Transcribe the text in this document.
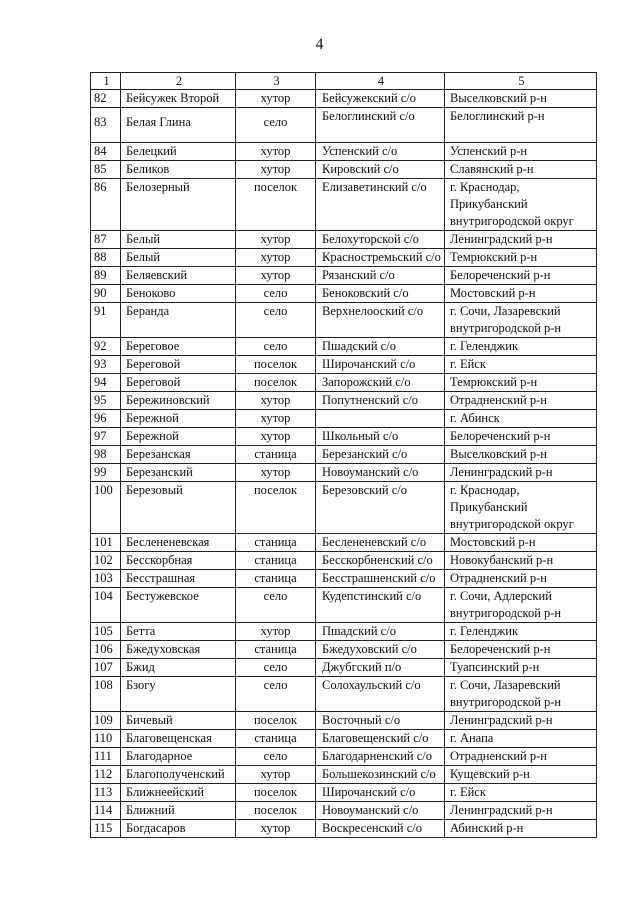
4
1	2	3	4	5
82	Бейсужек Второй	хутор	Бейсужекский с/о	Выселковский р-н

83	Белая Глина	село	Белоглинский с/о	Белоглинский р-н

84	Белецкий	хутор	Успенский с/о	Успенский р-н

85	Беликов	хутор	Кировский с/о	Славянский р-н

86	Белозерный	поселок	Елизаветинский с/о	г. Краснодар,
Прикубанский
внутригородской округ

87	Белый	хутор	Белохуторской с/о	Ленинградский р-н

88	Белый	хутор	Красностремьский с/о	Темрюкский р-н

89	Беляевский	хутор	Рязанский с/о	Белореченский р-н

90	Беноково	село	Беноковский с/о	Мостовский р-н

91	Беранда	село	Верхнелооский с/о	г. Сочи, Лазаревский
внутригородской р-н

92	Береговое	село	Пшадский с/о	г. Геленджик

93	Береговой	поселок	Широчанский с/о	г. Ейск

94	Береговой	поселок	Запорожский с/о	Темрюкский р-н

95	Бережиновский	хутор	Попутненский с/о	Отрадненский р-н

96	Бережной	хутор		г. Абинск

97	Бережной	хутор	Школьный с/о	Белореченский р-н

98	Березанская	станица	Березанский с/о	Выселковский р-н

99	Березанский	хутор	Новоуманский с/о	Ленинградский р-н

100	Березовый	поселок	Березовский с/о	г. Краснодар,
Прикубанский
внутригородской округ

101	Беслененевская	станица	Беслененевский с/о	Мостовский р-н

102	Бесскорбная	станица	Бесскорбненский с/о	Новокубанский р-н

103	Бесстрашная	станица	Бесстрашненский с/о	Отрадненский р-н

104	Бестужевское	село	Кудепстинский с/о	г. Сочи, Адлерский
внутригородской р-н

105	Бетта	хутор	Пшадский с/о	г. Геленджик

106	Бжедуховская	станица	Бжедуховский с/о	Белореченский р-н

107	Бжид	село	Джубгский п/о	Туапсинский р-н

108	Бзогу	село	Солохаульский с/о	г. Сочи, Лазаревский
внутригородской р-н

109	Бичевый	поселок	Восточный с/о	Ленинградский р-н

110	Благовещенская	станица	Благовещенский с/о	г. Анапа

111	Благодарное	село	Благодарненский с/о	Отрадненский р-н

112	Благополученский	хутор	Большекозинский с/о	Кущевский р-н

113	Ближнеейский	поселок	Широчанский с/о	г. Ейск

114	Ближний	поселок	Новоуманский с/о	Ленинградский р-н

115	Богдасаров	хутор	Воскресенский с/о	Абинский р-н
